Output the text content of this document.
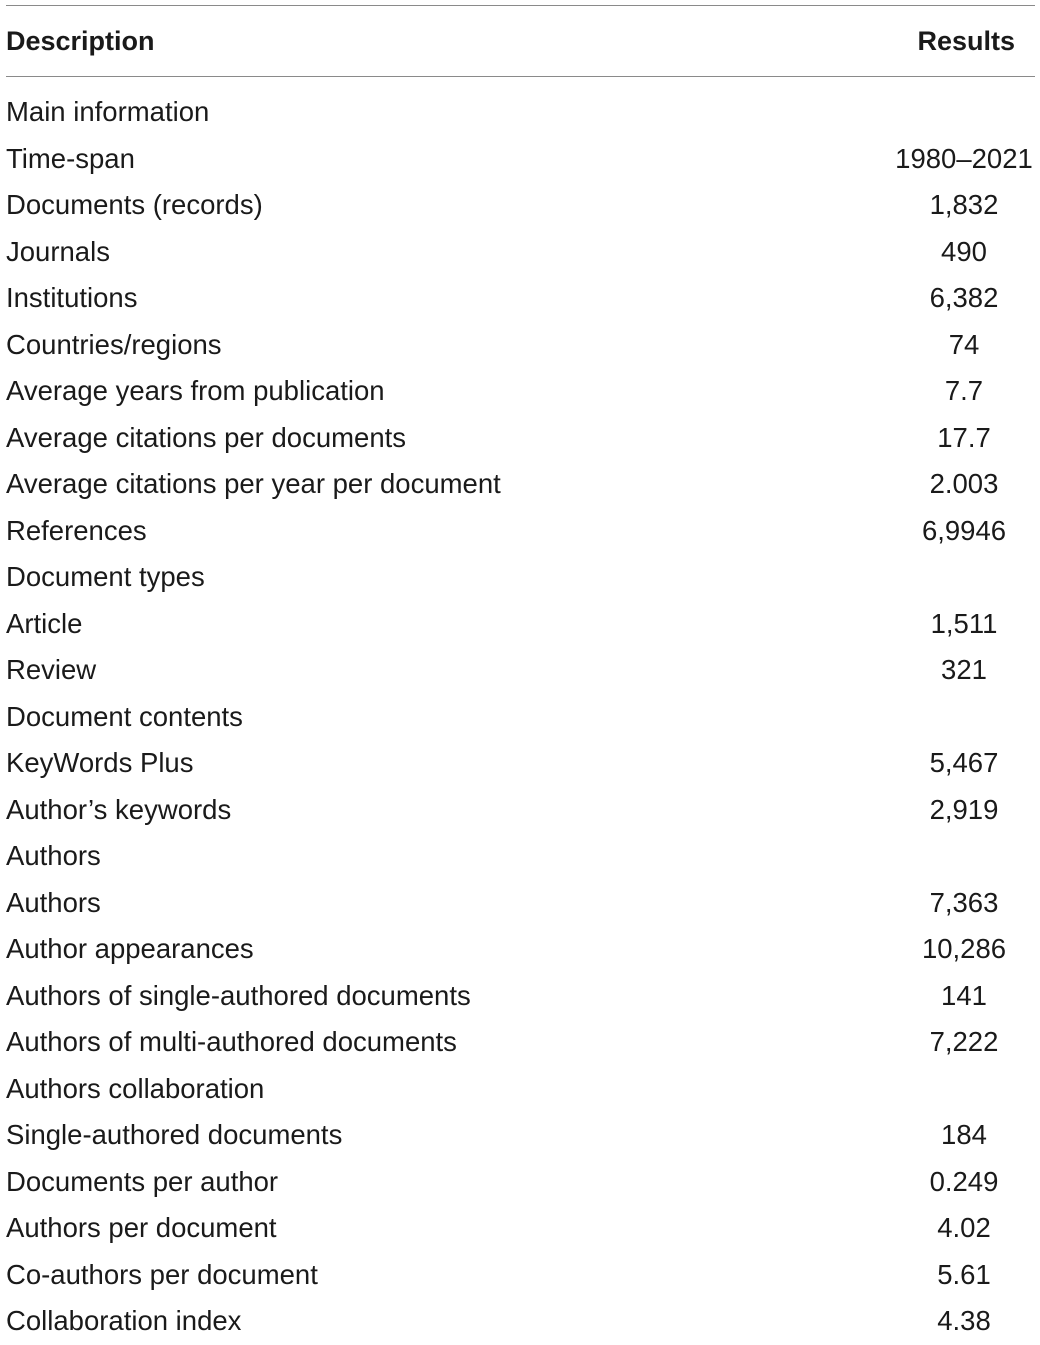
Description	Results
Main information
Time-span	1980–2021
Documents (records)	1,832
Journals	490
Institutions	6,382
Countries/regions	74
Average years from publication	7.7
Average citations per documents	17.7
Average citations per year per document	2.003
References	6,9946
Document types
Article	1,511
Review	321
Document contents
KeyWords Plus	5,467
Author’s keywords	2,919
Authors
Authors	7,363
Author appearances	10,286
Authors of single-authored documents	141
Authors of multi-authored documents	7,222
Authors collaboration
Single-authored documents	184
Documents per author	0.249
Authors per document	4.02
Co-authors per document	5.61
Collaboration index	4.38
